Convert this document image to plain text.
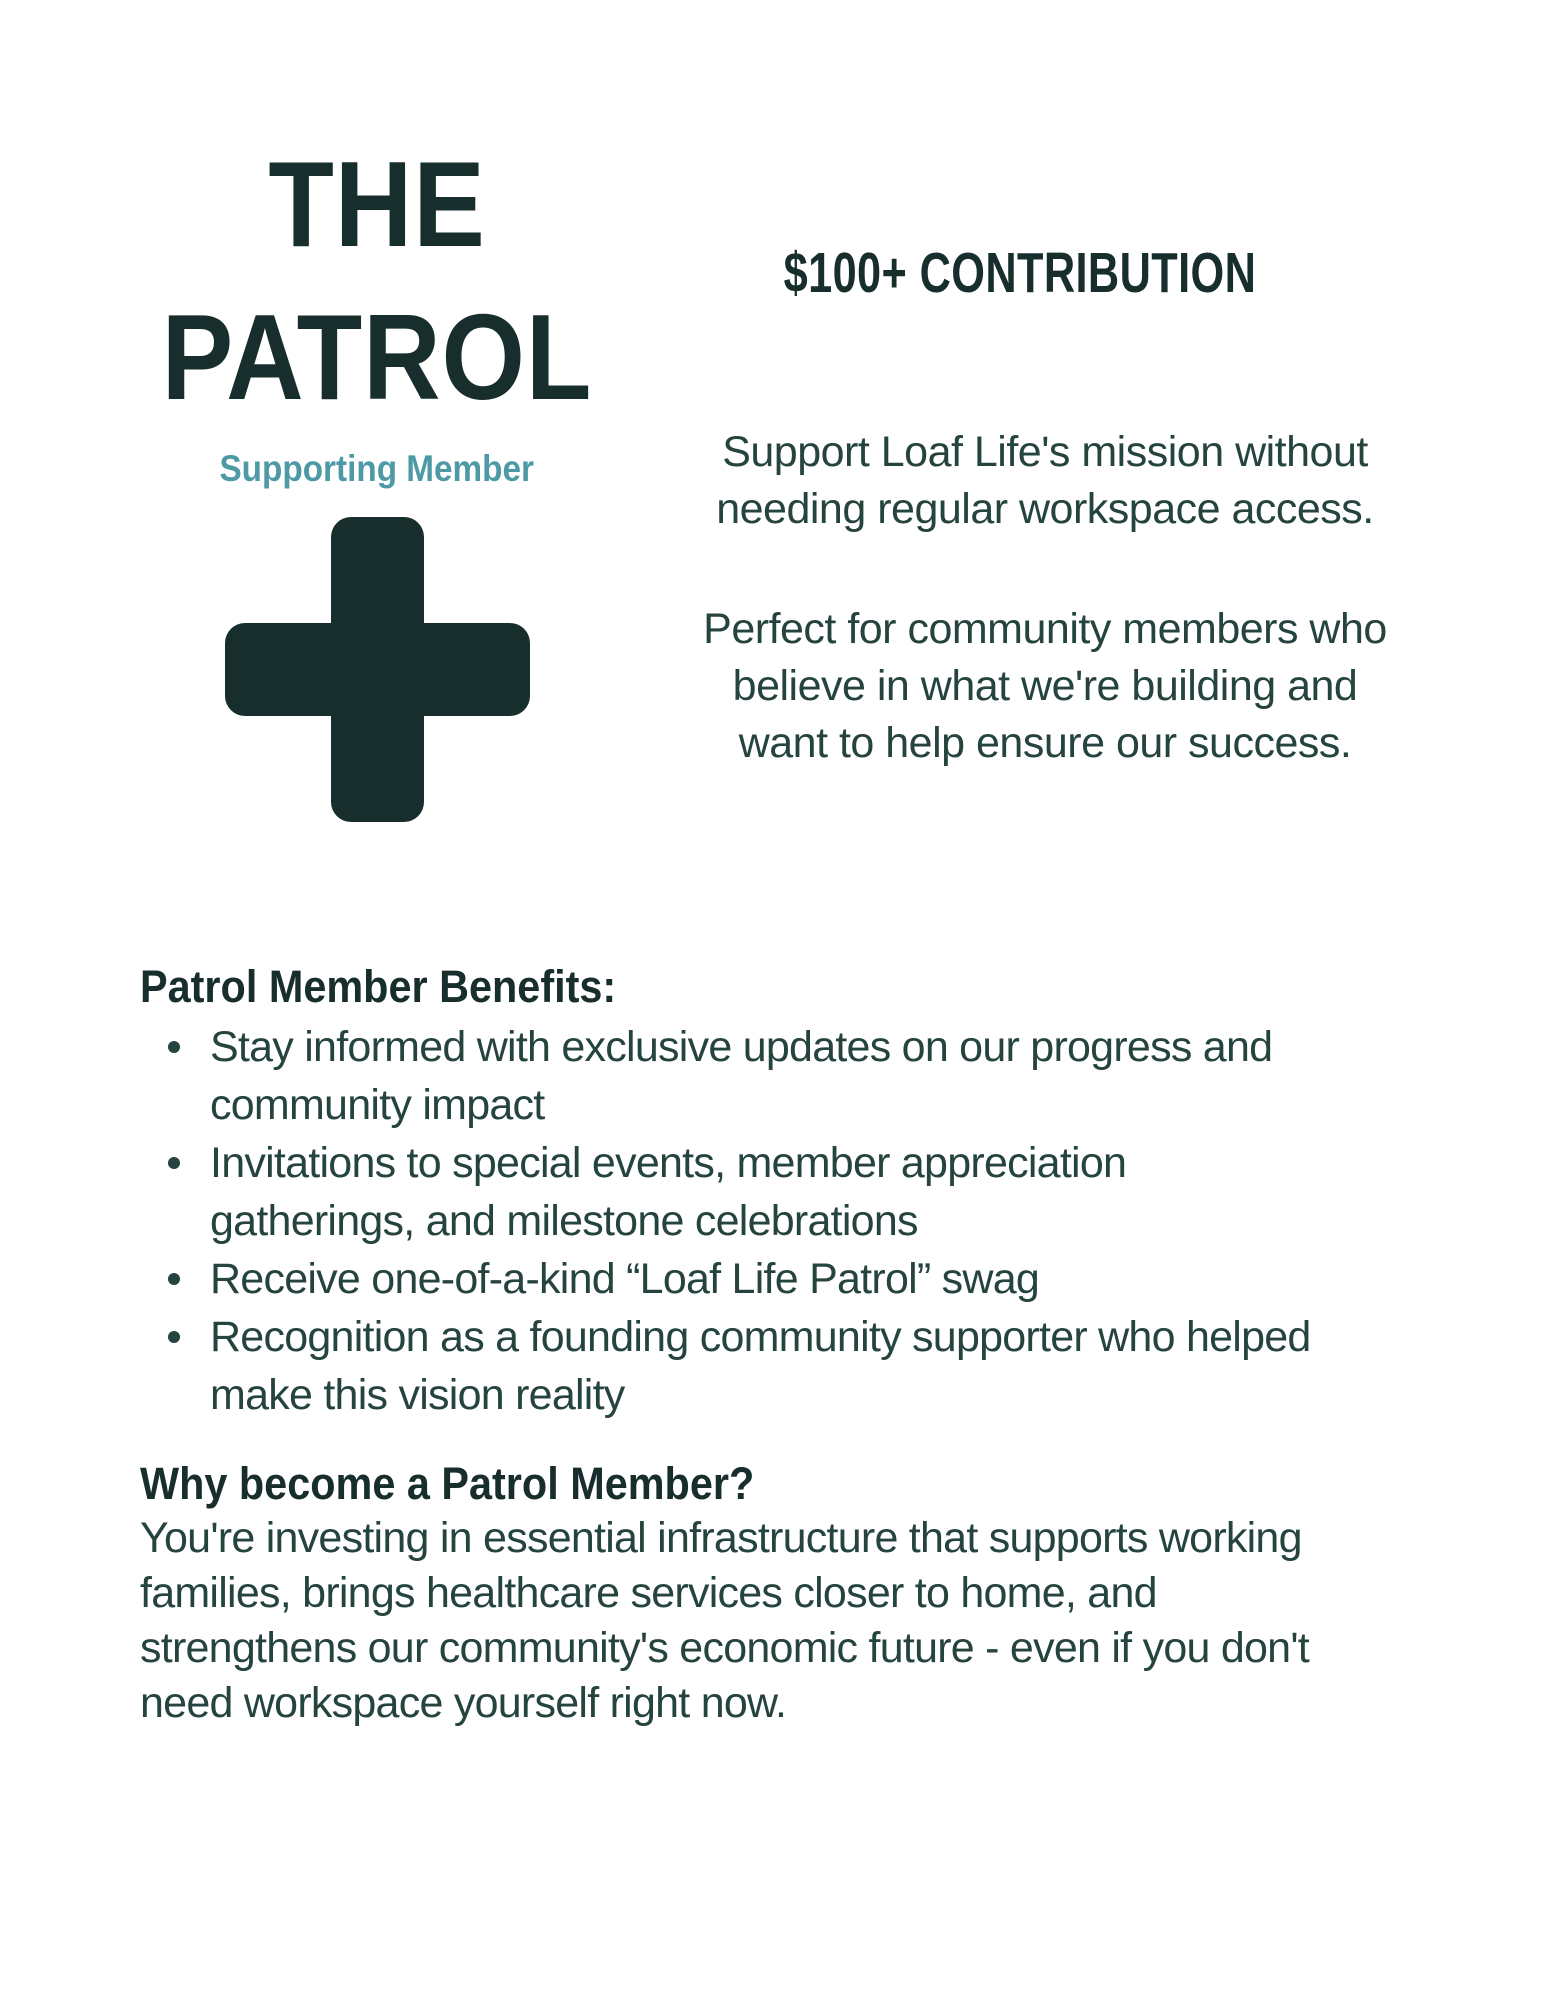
THE
PATROL
Supporting Member
$100+ CONTRIBUTION
Support Loaf Life's mission without
needing regular workspace access.
Perfect for community members who
believe in what we're building and
want to help ensure our success.
Patrol Member Benefits:
Stay informed with exclusive updates on our progress and
community impact
Invitations to special events, member appreciation
gatherings, and milestone celebrations
Receive one-of-a-kind “Loaf Life Patrol” swag
Recognition as a founding community supporter who helped
make this vision reality
Why become a Patrol Member?
You're investing in essential infrastructure that supports working
families, brings healthcare services closer to home, and
strengthens our community's economic future - even if you don't
need workspace yourself right now.
